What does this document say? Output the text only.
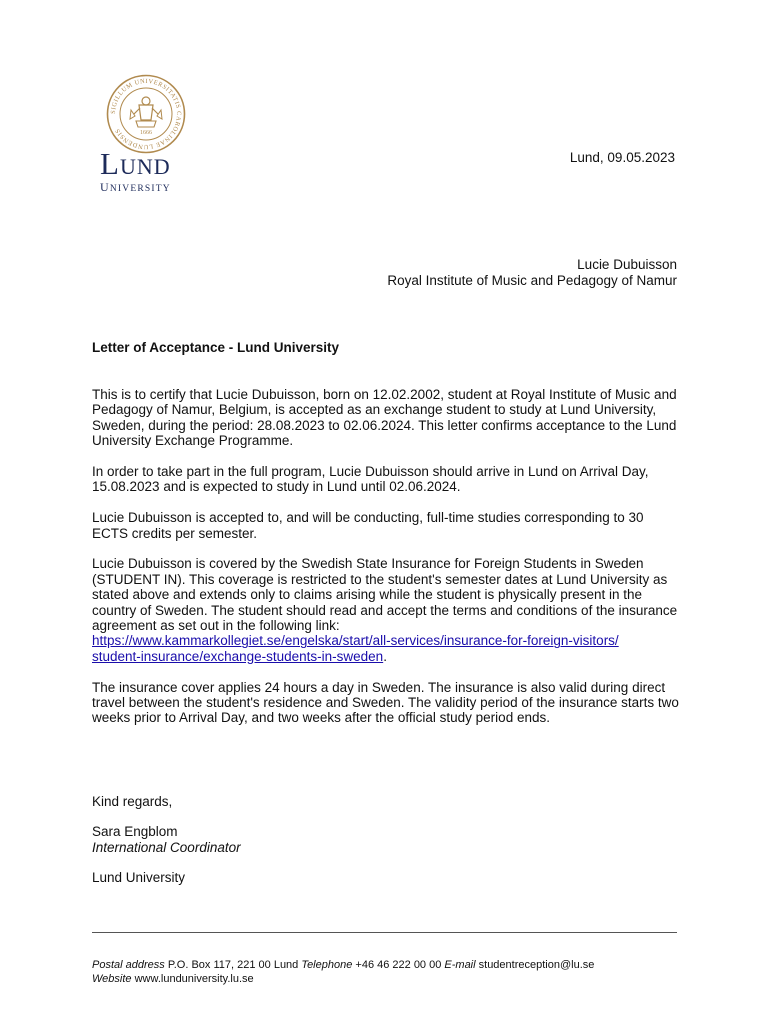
SIGILLUM UNIVERSITATIS CAROLINAE LUNDENSIS	1666
LUND
UNIVERSITY
Lund, 09.05.2023
Lucie Dubuisson
Royal Institute of Music and Pedagogy of Namur
Letter of Acceptance - Lund University

This is to certify that Lucie Dubuisson, born on 12.02.2002, student at Royal Institute of Music and Pedagogy of Namur, Belgium, is accepted as an exchange student to study at Lund University, Sweden, during the period: 28.08.2023 to 02.06.2024. This letter confirms acceptance to the Lund University Exchange Programme.

In order to take part in the full program, Lucie Dubuisson should arrive in Lund on Arrival Day, 15.08.2023 and is expected to study in Lund until 02.06.2024.

Lucie Dubuisson is accepted to, and will be conducting, full-time studies corresponding to 30 ECTS credits per semester.

Lucie Dubuisson is covered by the Swedish State Insurance for Foreign Students in Sweden (STUDENT IN). This coverage is restricted to the student's semester dates at Lund University as stated above and extends only to claims arising while the student is physically present in the country of Sweden. The student should read and accept the terms and conditions of the insurance agreement as set out in the following link:
https://www.kammarkollegiet.se/engelska/start/all-services/insurance-for-foreign-visitors/
student-insurance/exchange-students-in-sweden.

The insurance cover applies 24 hours a day in Sweden. The insurance is also valid during direct travel between the student's residence and Sweden. The validity period of the insurance starts two weeks prior to Arrival Day, and two weeks after the official study period ends.

Kind regards,
Sara Engblom
International Coordinator
Lund University
Postal address P.O. Box 117, 221 00 Lund Telephone +46 46 222 00 00 E-mail studentreception@lu.se
Website www.lunduniversity.lu.se
